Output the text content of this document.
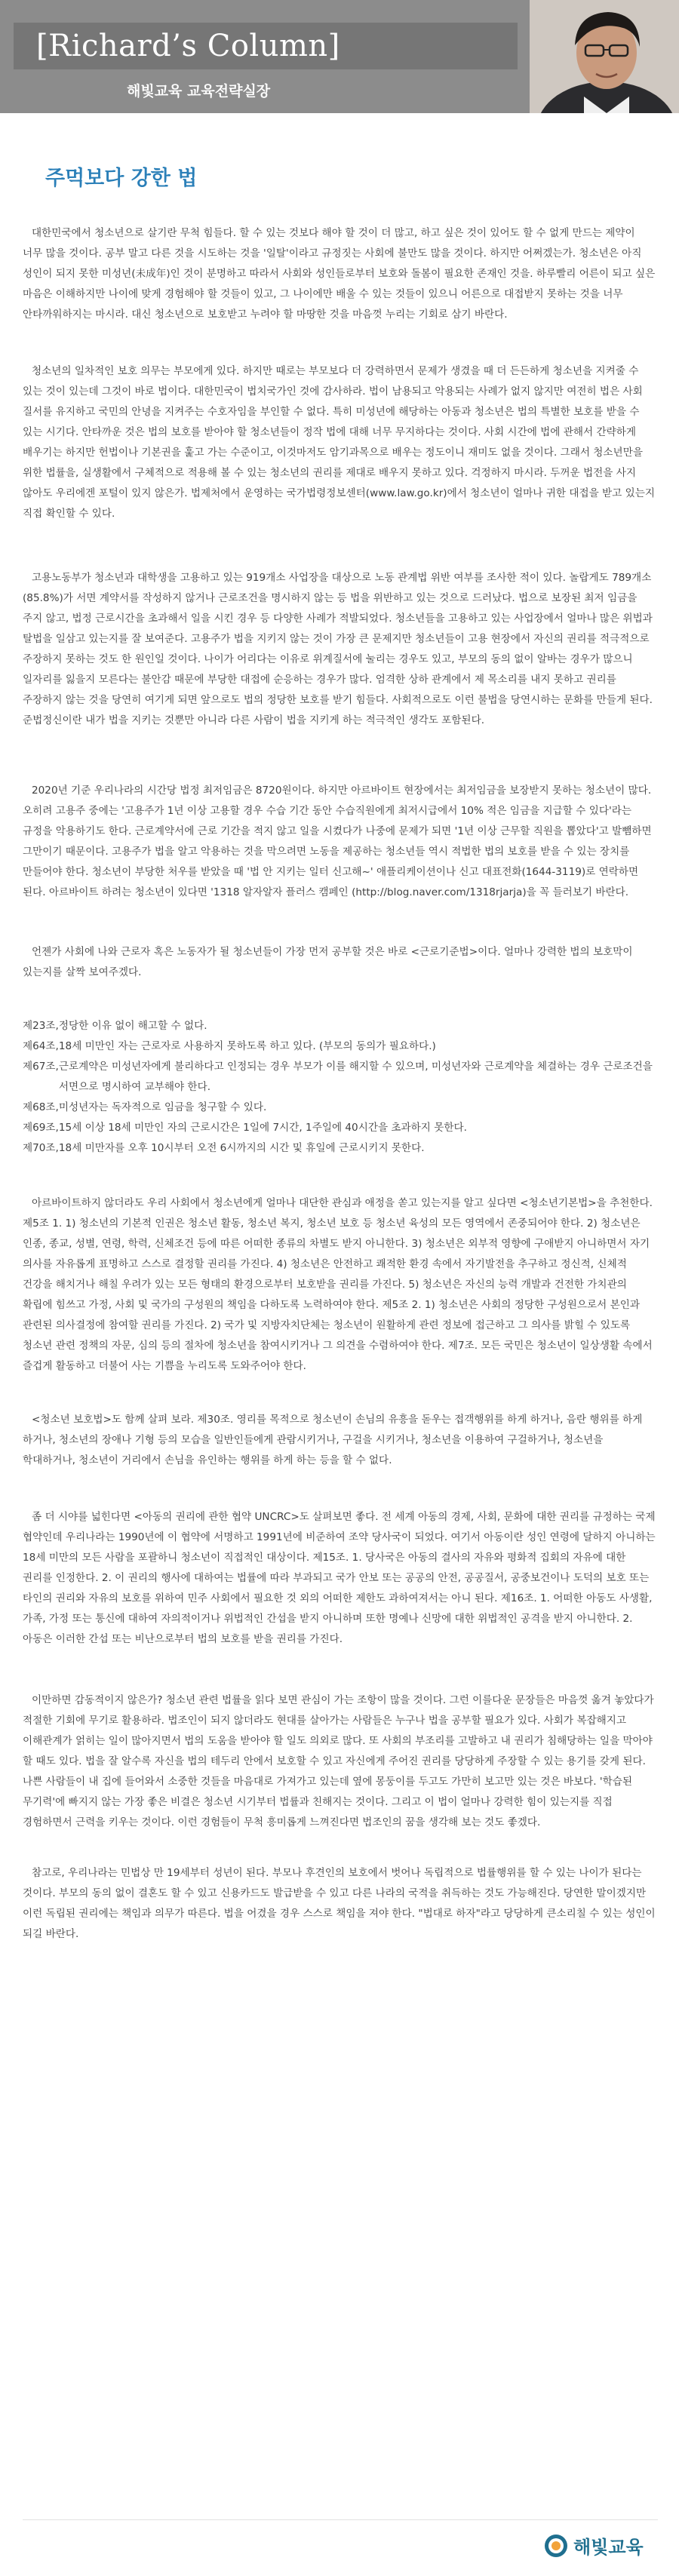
[Richard’s Column]
해빛교육 교육전략실장
주먹보다 강한 법

대한민국에서 청소년으로 살기란 무척 힘들다. 할 수 있는 것보다 해야 할 것이 더 많고, 하고 싶은 것이 있어도 할 수 없게 만드는 제약이 너무 많을 것이다. 공부 말고 다른 것을 시도하는 것을 '일탈'이라고 규정짓는 사회에 불만도 많을 것이다. 하지만 어쩌겠는가. 청소년은 아직 성인이 되지 못한 미성년(未成年)인 것이 분명하고 따라서 사회와 성인들로부터 보호와 돌봄이 필요한 존재인 것을. 하루빨리 어른이 되고 싶은 마음은 이해하지만 나이에 맞게 경험해야 할 것들이 있고, 그 나이에만 배울 수 있는 것들이 있으니 어른으로 대접받지 못하는 것을 너무 안타까워하지는 마시라. 대신 청소년으로 보호받고 누려야 할 마땅한 것을 마음껏 누리는 기회로 삼기 바란다.

청소년의 일차적인 보호 의무는 부모에게 있다. 하지만 때로는 부모보다 더 강력하면서 문제가 생겼을 때 더 든든하게 청소년을 지켜줄 수 있는 것이 있는데 그것이 바로 법이다. 대한민국이 법치국가인 것에 감사하라. 법이 남용되고 악용되는 사례가 없지 않지만 여전히 법은 사회 질서를 유지하고 국민의 안녕을 지켜주는 수호자임을 부인할 수 없다. 특히 미성년에 해당하는 아동과 청소년은 법의 특별한 보호를 받을 수 있는 시기다. 안타까운 것은 법의 보호를 받아야 할 청소년들이 정작 법에 대해 너무 무지하다는 것이다. 사회 시간에 법에 관해서 간략하게 배우기는 하지만 헌법이나 기본권을 훑고 가는 수준이고, 이것마저도 암기과목으로 배우는 정도이니 재미도 없을 것이다. 그래서 청소년만을 위한 법률을, 실생활에서 구체적으로 적용해 볼 수 있는 청소년의 권리를 제대로 배우지 못하고 있다. 걱정하지 마시라. 두꺼운 법전을 사지 않아도 우리에겐 포털이 있지 않은가. 법제처에서 운영하는 국가법령정보센터(www.law.go.kr)에서 청소년이 얼마나 귀한 대접을 받고 있는지 직접 확인할 수 있다.

고용노동부가 청소년과 대학생을 고용하고 있는 919개소 사업장을 대상으로 노동 관계법 위반 여부를 조사한 적이 있다. 놀랍게도 789개소(85.8%)가 서면 계약서를 작성하지 않거나 근로조건을 명시하지 않는 등 법을 위반하고 있는 것으로 드러났다. 법으로 보장된 최저 임금을 주지 않고, 법정 근로시간을 초과해서 일을 시킨 경우 등 다양한 사례가 적발되었다. 청소년들을 고용하고 있는 사업장에서 얼마나 많은 위법과 탈법을 일삼고 있는지를 잘 보여준다. 고용주가 법을 지키지 않는 것이 가장 큰 문제지만 청소년들이 고용 현장에서 자신의 권리를 적극적으로 주장하지 못하는 것도 한 원인일 것이다. 나이가 어리다는 이유로 위계질서에 눌리는 경우도 있고, 부모의 동의 없이 알바는 경우가 많으니 일자리를 잃을지 모른다는 불안감 때문에 부당한 대접에 순응하는 경우가 많다. 엄격한 상하 관계에서 제 목소리를 내지 못하고 권리를 주장하지 않는 것을 당연히 여기게 되면 앞으로도 법의 정당한 보호를 받기 힘들다. 사회적으로도 이런 불법을 당연시하는 문화를 만들게 된다. 준법정신이란 내가 법을 지키는 것뿐만 아니라 다른 사람이 법을 지키게 하는 적극적인 생각도 포함된다.

2020년 기준 우리나라의 시간당 법정 최저임금은 8720원이다. 하지만 아르바이트 현장에서는 최저임금을 보장받지 못하는 청소년이 많다. 오히려 고용주 중에는 '고용주가 1년 이상 고용할 경우 수습 기간 동안 수습직원에게 최저시급에서 10% 적은 임금을 지급할 수 있다'라는 규정을 악용하기도 한다. 근로계약서에 근로 기간을 적지 않고 일을 시켰다가 나중에 문제가 되면 '1년 이상 근무할 직원을 뽑았다'고 발뺌하면 그만이기 때문이다. 고용주가 법을 알고 악용하는 것을 막으려면 노동을 제공하는 청소년들 역시 적법한 법의 보호를 받을 수 있는 장치를 만들어야 한다. 청소년이 부당한 처우를 받았을 때 '법 안 지키는 일터 신고해~' 애플리케이션이나 신고 대표전화(1644-3119)로 연락하면 된다. 아르바이트 하려는 청소년이 있다면 '1318 알자알자 플러스 캠페인 (http://blog.naver.com/1318rjarja)을 꼭 들러보기 바란다.

언젠가 사회에 나와 근로자 혹은 노동자가 될 청소년들이 가장 먼저 공부할 것은 바로 <근로기준법>이다. 얼마나 강력한 법의 보호막이 있는지를 살짝 보여주겠다.

제23조, 정당한 이유 없이 해고할 수 없다.
제64조, 18세 미만인 자는 근로자로 사용하지 못하도록 하고 있다. (부모의 동의가 필요하다.)
제67조, 근로계약은 미성년자에게 불리하다고 인정되는 경우 부모가 이를 해지할 수 있으며, 미성년자와 근로계약을 체결하는 경우 근로조건을 서면으로 명시하여 교부해야 한다.
제68조, 미성년자는 독자적으로 임금을 청구할 수 있다.
제69조, 15세 이상 18세 미만인 자의 근로시간은 1일에 7시간, 1주일에 40시간을 초과하지 못한다.
제70조, 18세 미만자를 오후 10시부터 오전 6시까지의 시간 및 휴일에 근로시키지 못한다.

아르바이트하지 않더라도 우리 사회에서 청소년에게 얼마나 대단한 관심과 애정을 쏟고 있는지를 알고 싶다면 <청소년기본법>을 추천한다. 제5조 1. 1) 청소년의 기본적 인권은 청소년 활동, 청소년 복지, 청소년 보호 등 청소년 육성의 모든 영역에서 존중되어야 한다. 2) 청소년은 인종, 종교, 성별, 연령, 학력, 신체조건 등에 따른 어떠한 종류의 차별도 받지 아니한다. 3) 청소년은 외부적 영향에 구애받지 아니하면서 자기 의사를 자유롭게 표명하고 스스로 결정할 권리를 가진다. 4) 청소년은 안전하고 쾌적한 환경 속에서 자기발전을 추구하고 정신적, 신체적 건강을 해치거나 해칠 우려가 있는 모든 형태의 환경으로부터 보호받을 권리를 가진다. 5) 청소년은 자신의 능력 개발과 건전한 가치관의 확립에 힘쓰고 가정, 사회 및 국가의 구성원의 책임을 다하도록 노력하여야 한다. 제5조 2. 1) 청소년은 사회의 정당한 구성원으로서 본인과 관련된 의사결정에 참여할 권리를 가진다. 2) 국가 및 지방자치단체는 청소년이 원활하게 관련 정보에 접근하고 그 의사를 밝힐 수 있도록 청소년 관련 정책의 자문, 심의 등의 절차에 청소년을 참여시키거나 그 의견을 수렴하여야 한다. 제7조. 모든 국민은 청소년이 일상생활 속에서 즐겁게 활동하고 더불어 사는 기쁨을 누리도록 도와주어야 한다.

<청소년 보호법>도 함께 살펴 보라. 제30조. 영리를 목적으로 청소년이 손님의 유흥을 돋우는 접객행위를 하게 하거나, 음란 행위를 하게 하거나, 청소년의 장애나 기형 등의 모습을 일반인들에게 관람시키거나, 구걸을 시키거나, 청소년을 이용하여 구걸하거나, 청소년을 학대하거나, 청소년이 거리에서 손님을 유인하는 행위를 하게 하는 등을 할 수 없다.

좀 더 시야를 넓힌다면 <아동의 권리에 관한 협약 UNCRC>도 살펴보면 좋다. 전 세계 아동의 경제, 사회, 문화에 대한 권리를 규정하는 국제 협약인데 우리나라는 1990년에 이 협약에 서명하고 1991년에 비준하여 조약 당사국이 되었다. 여기서 아동이란 성인 연령에 달하지 아니하는 18세 미만의 모든 사람을 포괄하니 청소년이 직접적인 대상이다. 제15조. 1. 당사국은 아동의 결사의 자유와 평화적 집회의 자유에 대한 권리를 인정한다. 2. 이 권리의 행사에 대하여는 법률에 따라 부과되고 국가 안보 또는 공공의 안전, 공공질서, 공중보건이나 도덕의 보호 또는 타인의 권리와 자유의 보호를 위하여 민주 사회에서 필요한 것 외의 어떠한 제한도 과하여져서는 아니 된다. 제16조. 1. 어떠한 아동도 사생활, 가족, 가정 또는 통신에 대하여 자의적이거나 위법적인 간섭을 받지 아니하며 또한 명예나 신망에 대한 위법적인 공격을 받지 아니한다. 2. 아동은 이러한 간섭 또는 비난으로부터 법의 보호를 받을 권리를 가진다.

이만하면 감동적이지 않은가? 청소년 관련 법률을 읽다 보면 관심이 가는 조항이 많을 것이다. 그런 이를다운 문장들은 마음껏 옮겨 놓았다가 적절한 기회에 무기로 활용하라. 법조인이 되지 않더라도 현대를 살아가는 사람들은 누구나 법을 공부할 필요가 있다. 사회가 복잡해지고 이해관계가 얽히는 일이 많아지면서 법의 도움을 받아야 할 일도 의외로 많다. 또 사회의 부조리를 고발하고 내 권리가 침해당하는 일을 막아야 할 때도 있다. 법을 잘 알수록 자신을 법의 테두리 안에서 보호할 수 있고 자신에게 주어진 권리를 당당하게 주장할 수 있는 용기를 갖게 된다. 나쁜 사람들이 내 집에 들어와서 소중한 것들을 마음대로 가져가고 있는데 옆에 몽둥이를 두고도 가만히 보고만 있는 것은 바보다. '학습된 무기력'에 빠지지 않는 가장 좋은 비결은 청소년 시기부터 법률과 친해지는 것이다. 그리고 이 법이 얼마나 강력한 힘이 있는지를 직접 경험하면서 근력을 키우는 것이다. 이런 경험들이 무척 흥미롭게 느껴진다면 법조인의 꿈을 생각해 보는 것도 좋겠다.

참고로, 우리나라는 민법상 만 19세부터 성년이 된다. 부모나 후견인의 보호에서 벗어나 독립적으로 법률행위를 할 수 있는 나이가 된다는 것이다. 부모의 동의 없이 결혼도 할 수 있고 신용카드도 발급받을 수 있고 다른 나라의 국적을 취득하는 것도 가능해진다. 당연한 말이겠지만 이런 독립된 권리에는 책임과 의무가 따른다. 법을 어겼을 경우 스스로 책임을 져야 한다. "법대로 하자"라고 당당하게 큰소리칠 수 있는 성인이 되길 바란다.

해빛교육
